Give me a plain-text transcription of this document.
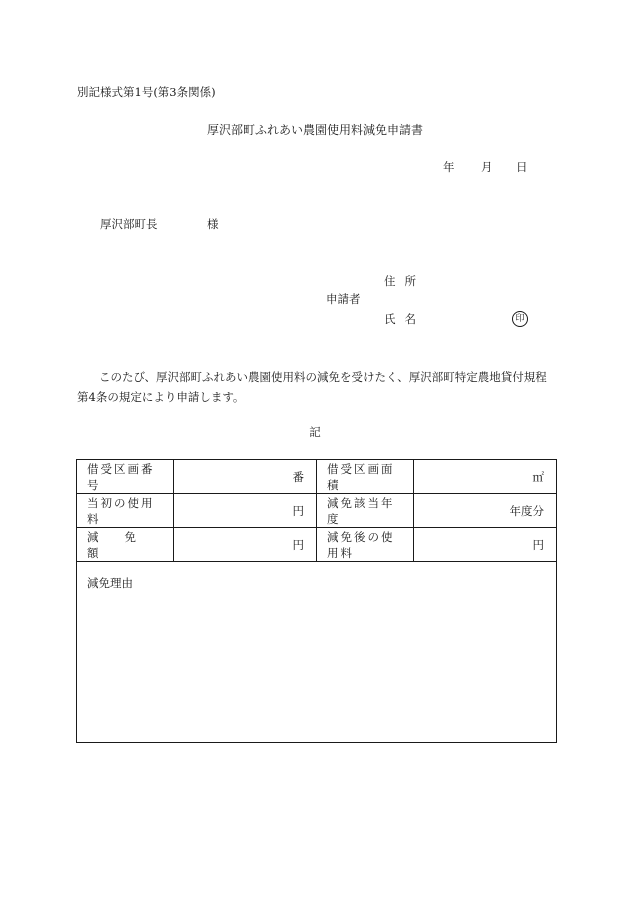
別記様式第1号(第3条関係)
厚沢部町ふれあい農園使用料減免申請書
年 月 日
厚沢部町長	様
住所
申請者
氏名	印
このたび、厚沢部町ふれあい農園使用料の減免を受けたく、厚沢部町特定農地貸付規程第4条の規定により申請します。
記
借受区画番号	番	借受区画面積	㎡
当初の使用料	円	減免該当年度	年度分
減免額	円	減免後の使用料	円
減免理由			
